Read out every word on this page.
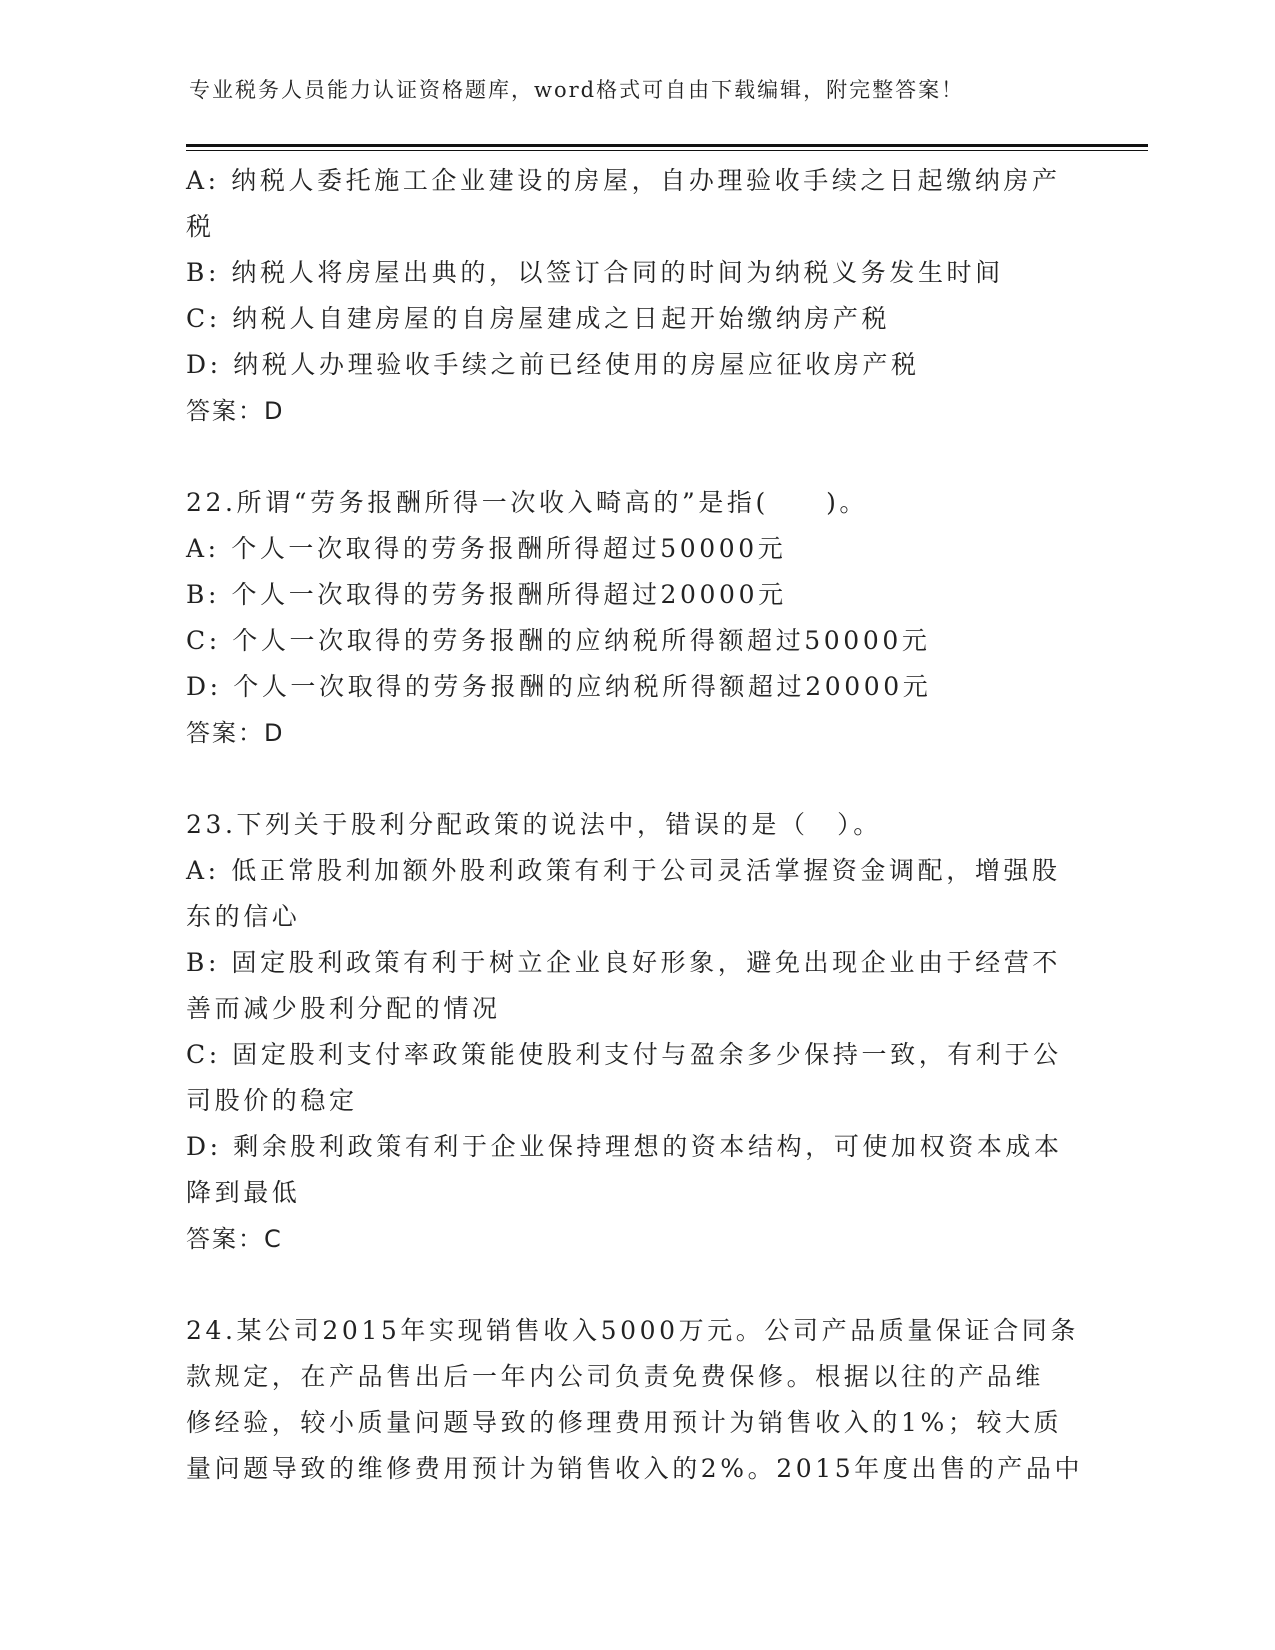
专业税务人员能力认证资格题库，word格式可自由下载编辑，附完整答案！
A: 纳税人委托施工企业建设的房屋，自办理验收手续之日起缴纳房产
税
B: 纳税人将房屋出典的，以签订合同的时间为纳税义务发生时间
C: 纳税人自建房屋的自房屋建成之日起开始缴纳房产税
D: 纳税人办理验收手续之前已经使用的房屋应征收房产税
答案：D
22.所谓“劳务报酬所得一次收入畸高的”是指(　　)。
A: 个人一次取得的劳务报酬所得超过50000元
B: 个人一次取得的劳务报酬所得超过20000元
C: 个人一次取得的劳务报酬的应纳税所得额超过50000元
D: 个人一次取得的劳务报酬的应纳税所得额超过20000元
答案：D
23.下列关于股利分配政策的说法中，错误的是（　）。
A: 低正常股利加额外股利政策有利于公司灵活掌握资金调配，增强股
东的信心
B: 固定股利政策有利于树立企业良好形象，避免出现企业由于经营不
善而减少股利分配的情况
C: 固定股利支付率政策能使股利支付与盈余多少保持一致，有利于公
司股价的稳定
D: 剩余股利政策有利于企业保持理想的资本结构，可使加权资本成本
降到最低
答案：C
24.某公司2015年实现销售收入5000万元。公司产品质量保证合同条
款规定，在产品售出后一年内公司负责免费保修。根据以往的产品维
修经验，较小质量问题导致的修理费用预计为销售收入的1%；较大质
量问题导致的维修费用预计为销售收入的2%。2015年度出售的产品中
